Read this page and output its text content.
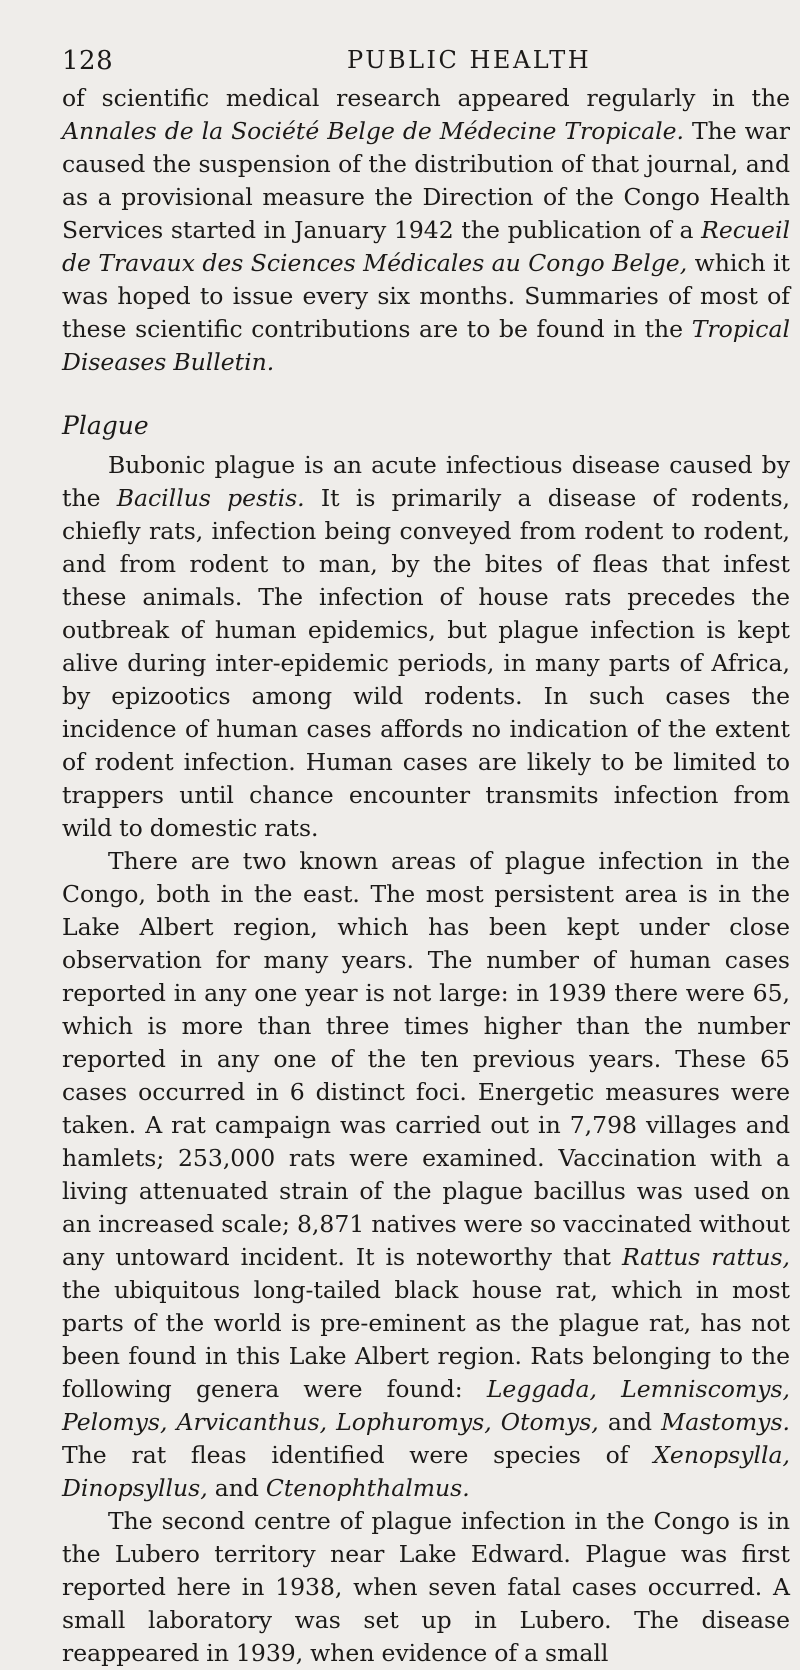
128	PUBLIC HEALTH

of scientific medical research appeared regularly in the Annales de la Société Belge de Médecine Tropicale. The war caused the suspension of the distribution of that journal, and as a provisional measure the Direction of the Congo Health Services started in January 1942 the publication of a Recueil de Travaux des Sciences Médicales au Congo Belge, which it was hoped to issue every six months. Summaries of most of these scientific contributions are to be found in the Tropical Diseases Bulletin.

Plague

Bubonic plague is an acute infectious disease caused by the Bacillus pestis. It is primarily a disease of rodents, chiefly rats, infection being conveyed from rodent to rodent, and from rodent to man, by the bites of fleas that infest these animals. The infection of house rats precedes the outbreak of human epidemics, but plague infection is kept alive during inter-epidemic periods, in many parts of Africa, by epizootics among wild rodents. In such cases the incidence of human cases affords no indication of the extent of rodent infection. Human cases are likely to be limited to trappers until chance encounter transmits infection from wild to domestic rats.

There are two known areas of plague infection in the Congo, both in the east. The most persistent area is in the Lake Albert region, which has been kept under close observation for many years. The number of human cases reported in any one year is not large: in 1939 there were 65, which is more than three times higher than the number reported in any one of the ten previous years. These 65 cases occurred in 6 distinct foci. Energetic measures were taken. A rat campaign was carried out in 7,798 villages and hamlets; 253,000 rats were examined. Vaccination with a living attenuated strain of the plague bacillus was used on an increased scale; 8,871 natives were so vaccinated without any untoward incident. It is noteworthy that Rattus rattus, the ubiquitous long-tailed black house rat, which in most parts of the world is pre-eminent as the plague rat, has not been found in this Lake Albert region. Rats belonging to the following genera were found: Leggada, Lemniscomys, Pelomys, Arvicanthus, Lophuromys, Otomys, and Mastomys. The rat fleas identified were species of Xenopsylla, Dinopsyllus, and Ctenophthalmus.

The second centre of plague infection in the Congo is in the Lubero territory near Lake Edward. Plague was first reported here in 1938, when seven fatal cases occurred. A small laboratory was set up in Lubero. The disease reappeared in 1939, when evidence of a small
